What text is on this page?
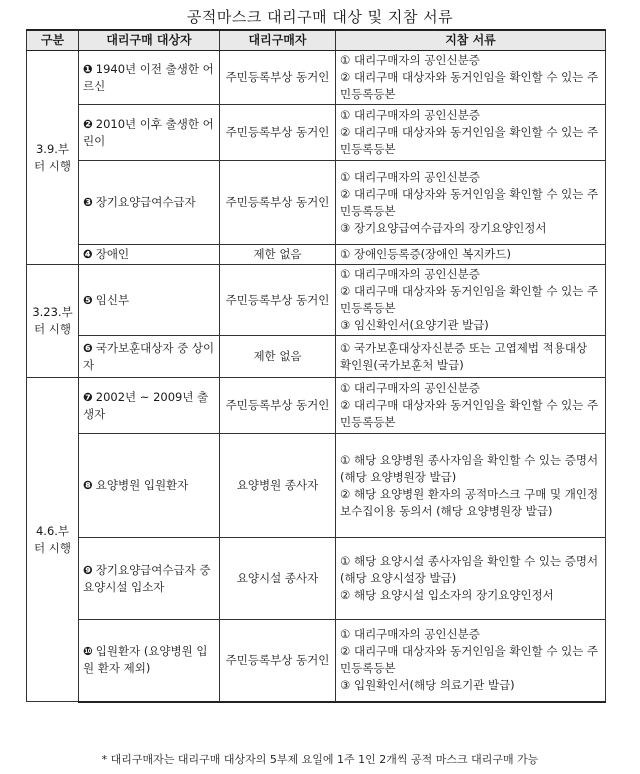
공적마스크 대리구매 대상 및 지참 서류
구분	대리구매 대상자	대리구매자	지참 서류
3.9.부터 시행	❶ 1940년 이전 출생한 어르신	주민등록부상 동거인	① 대리구매자의 공인신분증
② 대리구매 대상자와 동거인임을 확인할 수 있는 주민등록등본

	❷ 2010년 이후 출생한 어린이	주민등록부상 동거인	① 대리구매자의 공인신분증
② 대리구매 대상자와 동거인임을 확인할 수 있는 주민등록등본

	❸ 장기요양급여수급자	주민등록부상 동거인	① 대리구매자의 공인신분증
② 대리구매 대상자와 동거인임을 확인할 수 있는 주민등록등본
③ 장기요양급여수급자의 장기요양인정서

	❹ 장애인	제한 없음	① 장애인등록증(장애인 복지카드)

3.23.부터 시행	❺ 임신부	주민등록부상 동거인	① 대리구매자의 공인신분증
② 대리구매 대상자와 동거인임을 확인할 수 있는 주민등록등본
③ 임신확인서(요양기관 발급)

	❻ 국가보훈대상자 중 상이자	제한 없음	① 국가보훈대상자신분증 또는 고엽제법 적용대상 확인원(국가보훈처 발급)

4.6.부터 시행	❼ 2002년 ~ 2009년 출생자	주민등록부상 동거인	① 대리구매자의 공인신분증
② 대리구매 대상자와 동거인임을 확인할 수 있는 주민등록등본

	❽ 요양병원 입원환자	요양병원 종사자	① 해당 요양병원 종사자임을 확인할 수 있는 증명서(해당 요양병원장 발급)
② 해당 요양병원 환자의 공적마스크 구매 및 개인정보수집이용 동의서 (해당 요양병원장 발급)

	❾ 장기요양급여수급자 중 요양시설 입소자	요양시설 종사자	① 해당 요양시설 종사자임을 확인할 수 있는 증명서(해당 요양시설장 발급)
② 해당 요양시설 입소자의 장기요양인정서

	❿ 입원환자 (요양병원 입원 환자 제외)	주민등록부상 동거인	① 대리구매자의 공인신분증
② 대리구매 대상자와 동거인임을 확인할 수 있는 주민등록등본
③ 입원확인서(해당 의료기관 발급)
* 대리구매자는 대리구매 대상자의 5부제 요일에 1주 1인 2개씩 공적 마스크 대리구매 가능
